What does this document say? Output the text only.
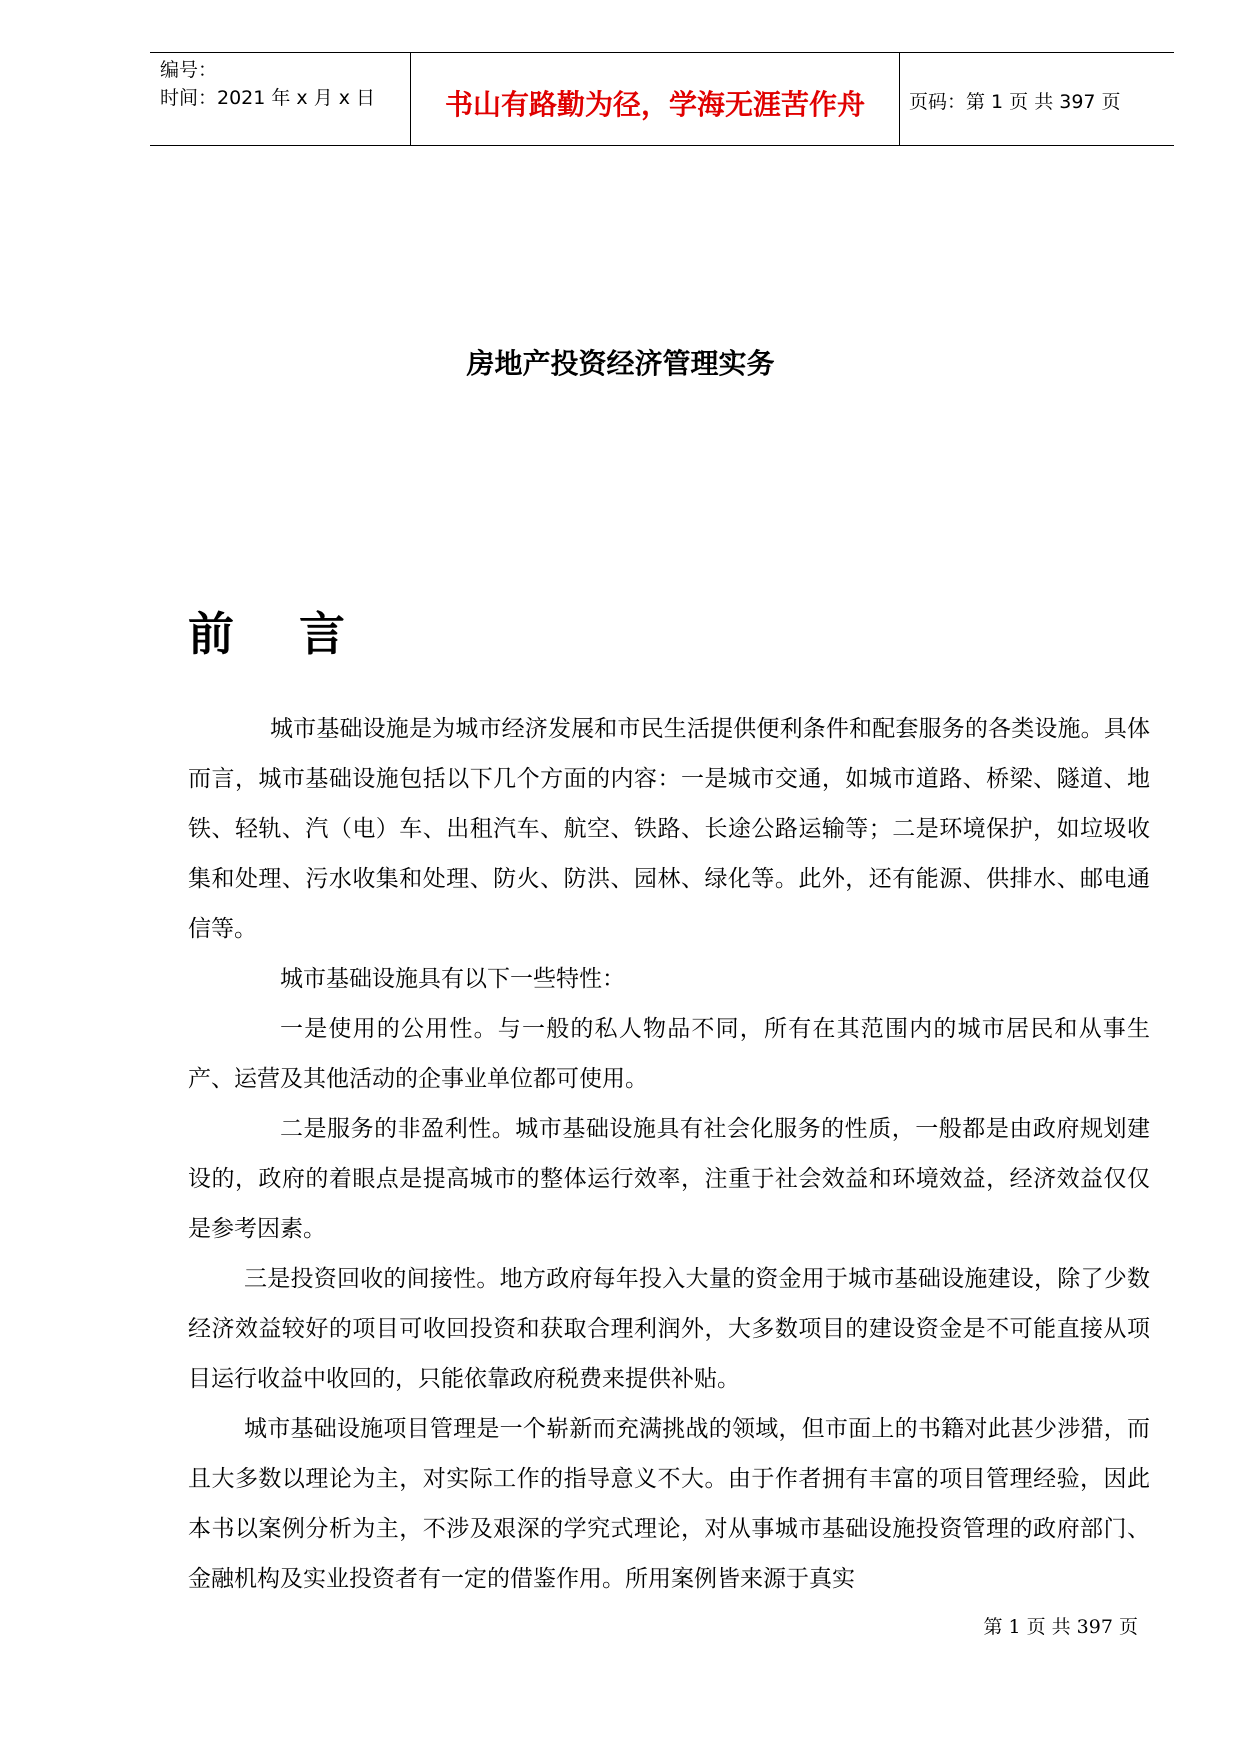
编号：
时间：2021 年 x 月 x 日	书山有路勤为径，学海无涯苦作舟	页码：第 1 页 共 397 页
房地产投资经济管理实务
前言

城市基础设施是为城市经济发展和市民生活提供便利条件和配套服务的各类设施。具体而言，城市基础设施包括以下几个方面的内容：一是城市交通，如城市道路、桥梁、隧道、地铁、轻轨、汽（电）车、出租汽车、航空、铁路、长途公路运输等；二是环境保护，如垃圾收集和处理、污水收集和处理、防火、防洪、园林、绿化等。此外，还有能源、供排水、邮电通信等。

城市基础设施具有以下一些特性：

一是使用的公用性。与一般的私人物品不同，所有在其范围内的城市居民和从事生产、运营及其他活动的企事业单位都可使用。

二是服务的非盈利性。城市基础设施具有社会化服务的性质，一般都是由政府规划建设的，政府的着眼点是提高城市的整体运行效率，注重于社会效益和环境效益，经济效益仅仅是参考因素。

三是投资回收的间接性。地方政府每年投入大量的资金用于城市基础设施建设，除了少数经济效益较好的项目可收回投资和获取合理利润外，大多数项目的建设资金是不可能直接从项目运行收益中收回的，只能依靠政府税费来提供补贴。

城市基础设施项目管理是一个崭新而充满挑战的领域，但市面上的书籍对此甚少涉猎，而且大多数以理论为主，对实际工作的指导意义不大。由于作者拥有丰富的项目管理经验，因此本书以案例分析为主，不涉及艰深的学究式理论，对从事城市基础设施投资管理的政府部门、金融机构及实业投资者有一定的借鉴作用。所用案例皆来源于真实

第 1 页 共 397 页
